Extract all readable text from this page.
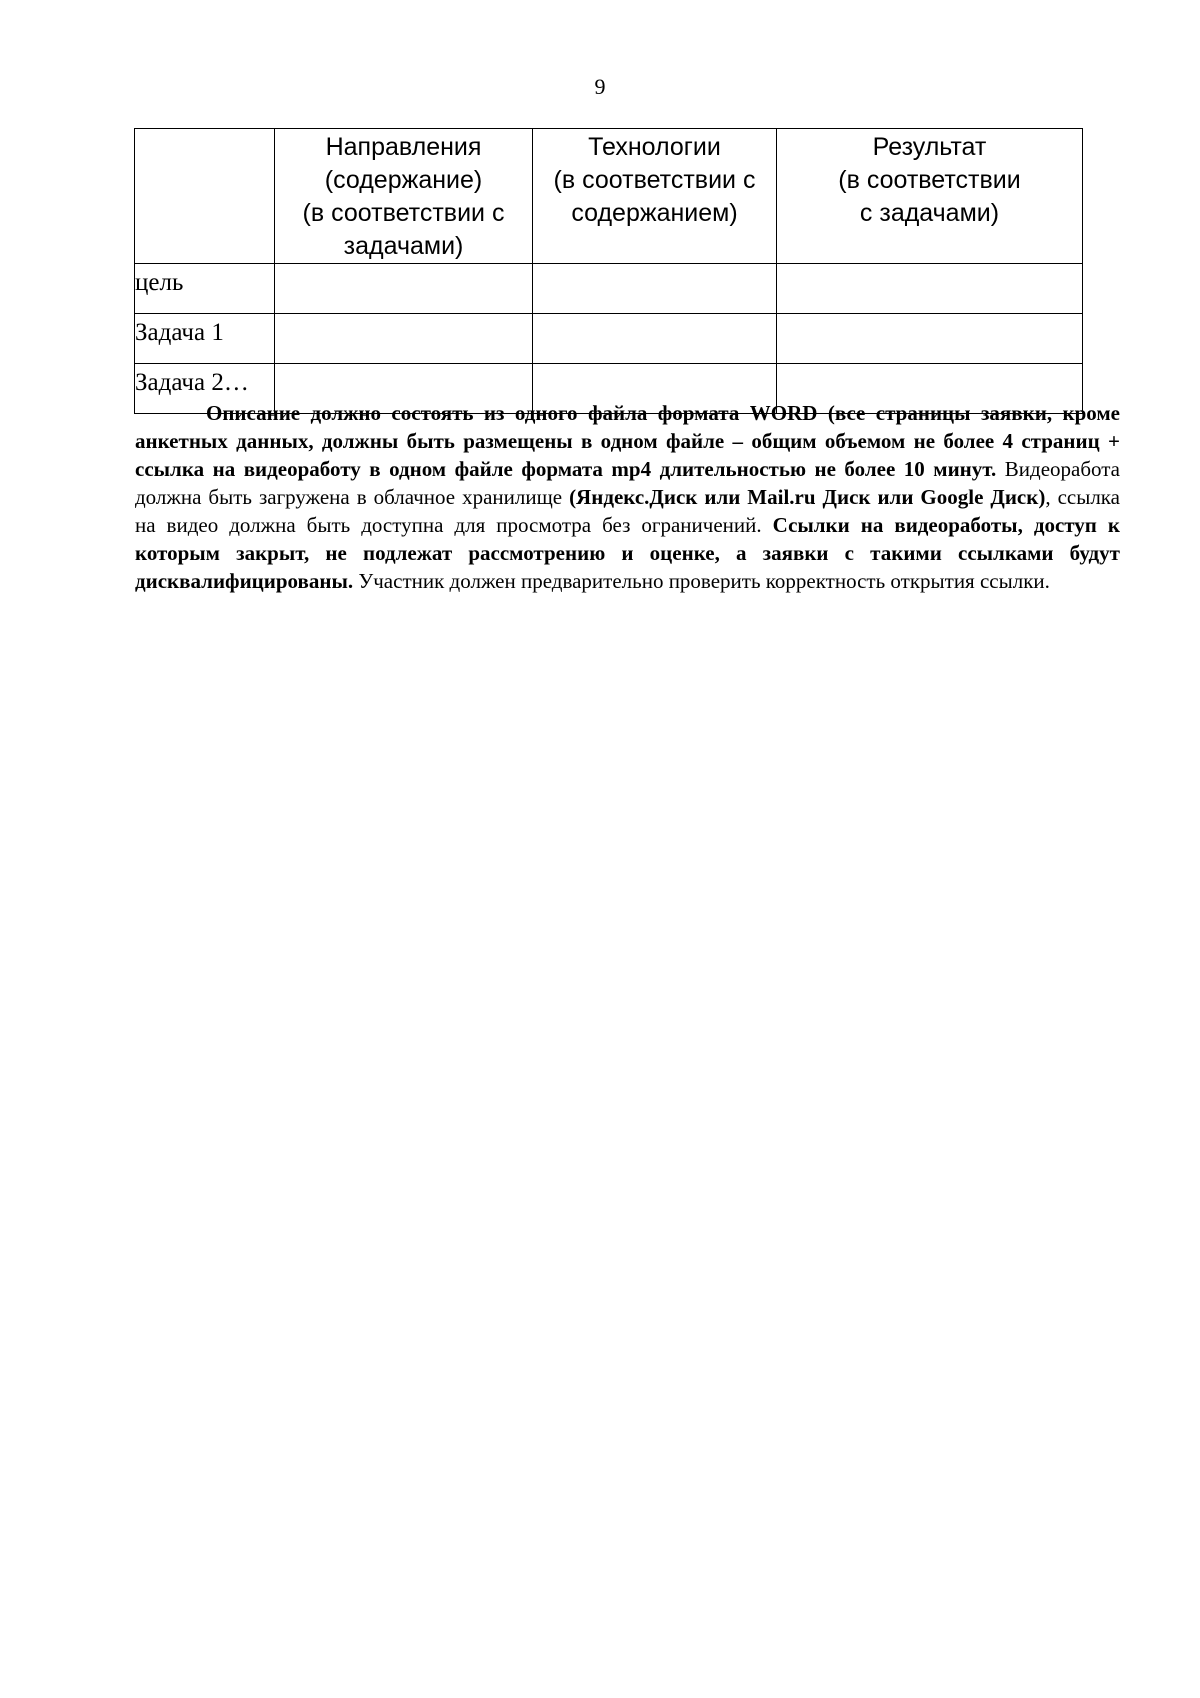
9

	Направления
(содержание)
(в соответствии с
задачами)	Технологии
(в соответствии с
содержанием)	Результат
(в соответствии
с задачами)

цель			
Задача 1			
Задача 2…			

Описание должно состоять из одного файла формата WORD (все страницы заявки, кроме анкетных данных, должны быть размещены в одном файле – общим объемом не более 4 страниц + ссылка на видеоработу в одном файле формата mp4 длительностью не более 10 минут. Видеоработа должна быть загружена в облачное хранилище (Яндекс.Диск или Mail.ru Диск или Google Диск), ссылка на видео должна быть доступна для просмотра без ограничений. Ссылки на видеоработы, доступ к которым закрыт, не подлежат рассмотрению и оценке, а заявки с такими ссылками будут дисквалифицированы. Участник должен предварительно проверить корректность открытия ссылки.
